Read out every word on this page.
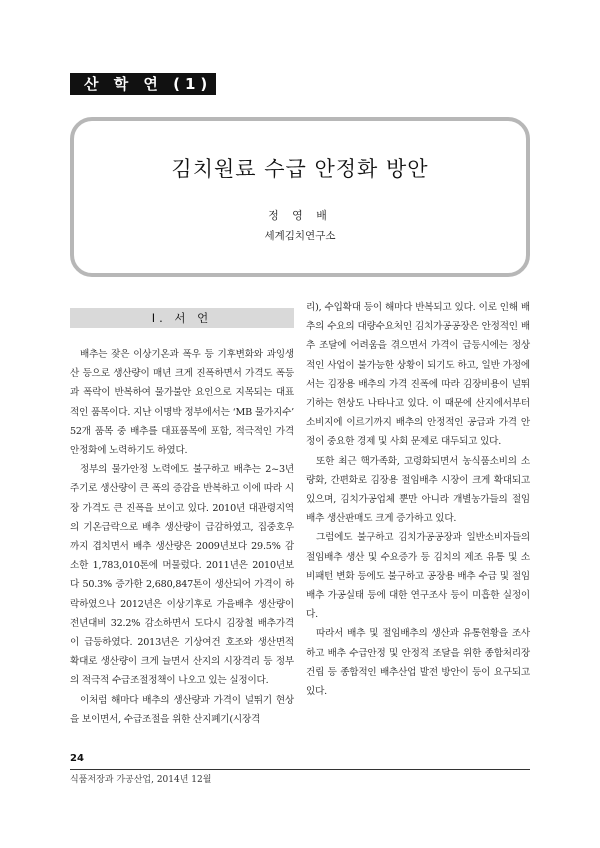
산 학 연 (1)
김치원료 수급 안정화 방안
정 영 배
세계김치연구소
Ⅰ. 서 언

배추는 잦은 이상기온과 폭우 등 기후변화와 과잉생산 등으로 생산량이 매년 크게 진폭하면서 가격도 폭등과 폭락이 반복하여 물가불안 요인으로 지목되는 대표적인 품목이다. 지난 이명박 정부에서는 ‘MB 물가지수’ 52개 품목 중 배추를 대표품목에 포함, 적극적인 가격 안정화에 노력하기도 하였다.

정부의 물가안정 노력에도 불구하고 배추는 2~3년 주기로 생산량이 큰 폭의 증감을 반복하고 이에 따라 시장 가격도 큰 진폭을 보이고 있다. 2010년 대관령지역의 기온급락으로 배추 생산량이 급감하였고, 집중호우까지 겹치면서 배추 생산량은 2009년보다 29.5% 감소한 1,783,010톤에 머물렀다. 2011년은 2010년보다 50.3% 증가한 2,680,847톤이 생산되어 가격이 하락하였으나 2012년은 이상기후로 가을배추 생산량이 전년대비 32.2% 감소하면서 도다시 김장철 배추가격이 급등하였다. 2013년은 기상여건 호조와 생산면적 확대로 생산량이 크게 늘면서 산지의 시장격리 등 정부의 적극적 수급조절정책이 나오고 있는 실정이다.

이처럼 해마다 배추의 생산량과 가격이 널뛰기 현상을 보이면서, 수급조절을 위한 산지폐기(시장격

리), 수입확대 등이 해마다 반복되고 있다. 이로 인해 배추의 수요의 대량수요처인 김치가공공장은 안정적인 배추 조달에 어려움을 겪으면서 가격이 급등시에는 정상적인 사업이 불가능한 상황이 되기도 하고, 일반 가정에서는 김장용 배추의 가격 진폭에 따라 김장비용이 널뛰기하는 현상도 나타나고 있다. 이 때문에 산지에서부터 소비지에 이르기까지 배추의 안정적인 공급과 가격 안정이 중요한 경제 및 사회 문제로 대두되고 있다.

또한 최근 핵가족화, 고령화되면서 농식품소비의 소량화, 간편화로 김장용 절임배추 시장이 크게 확대되고 있으며, 김치가공업체 뿐만 아니라 개별농가들의 절임배추 생산판매도 크게 증가하고 있다.

그럼에도 불구하고 김치가공공장과 일반소비자들의 절임배추 생산 및 수요증가 등 김치의 제조 유통 및 소비패턴 변화 등에도 불구하고 공장용 배추 수급 및 절임배추 가공실태 등에 대한 연구조사 등이 미흡한 실정이다.

따라서 배추 및 절임배추의 생산과 유통현황을 조사하고 배추 수급안정 및 안정적 조달을 위한 종합처리장 건립 등 종합적인 배추산업 발전 방안이 등이 요구되고 있다.

24
식품저장과 가공산업, 2014년 12월
